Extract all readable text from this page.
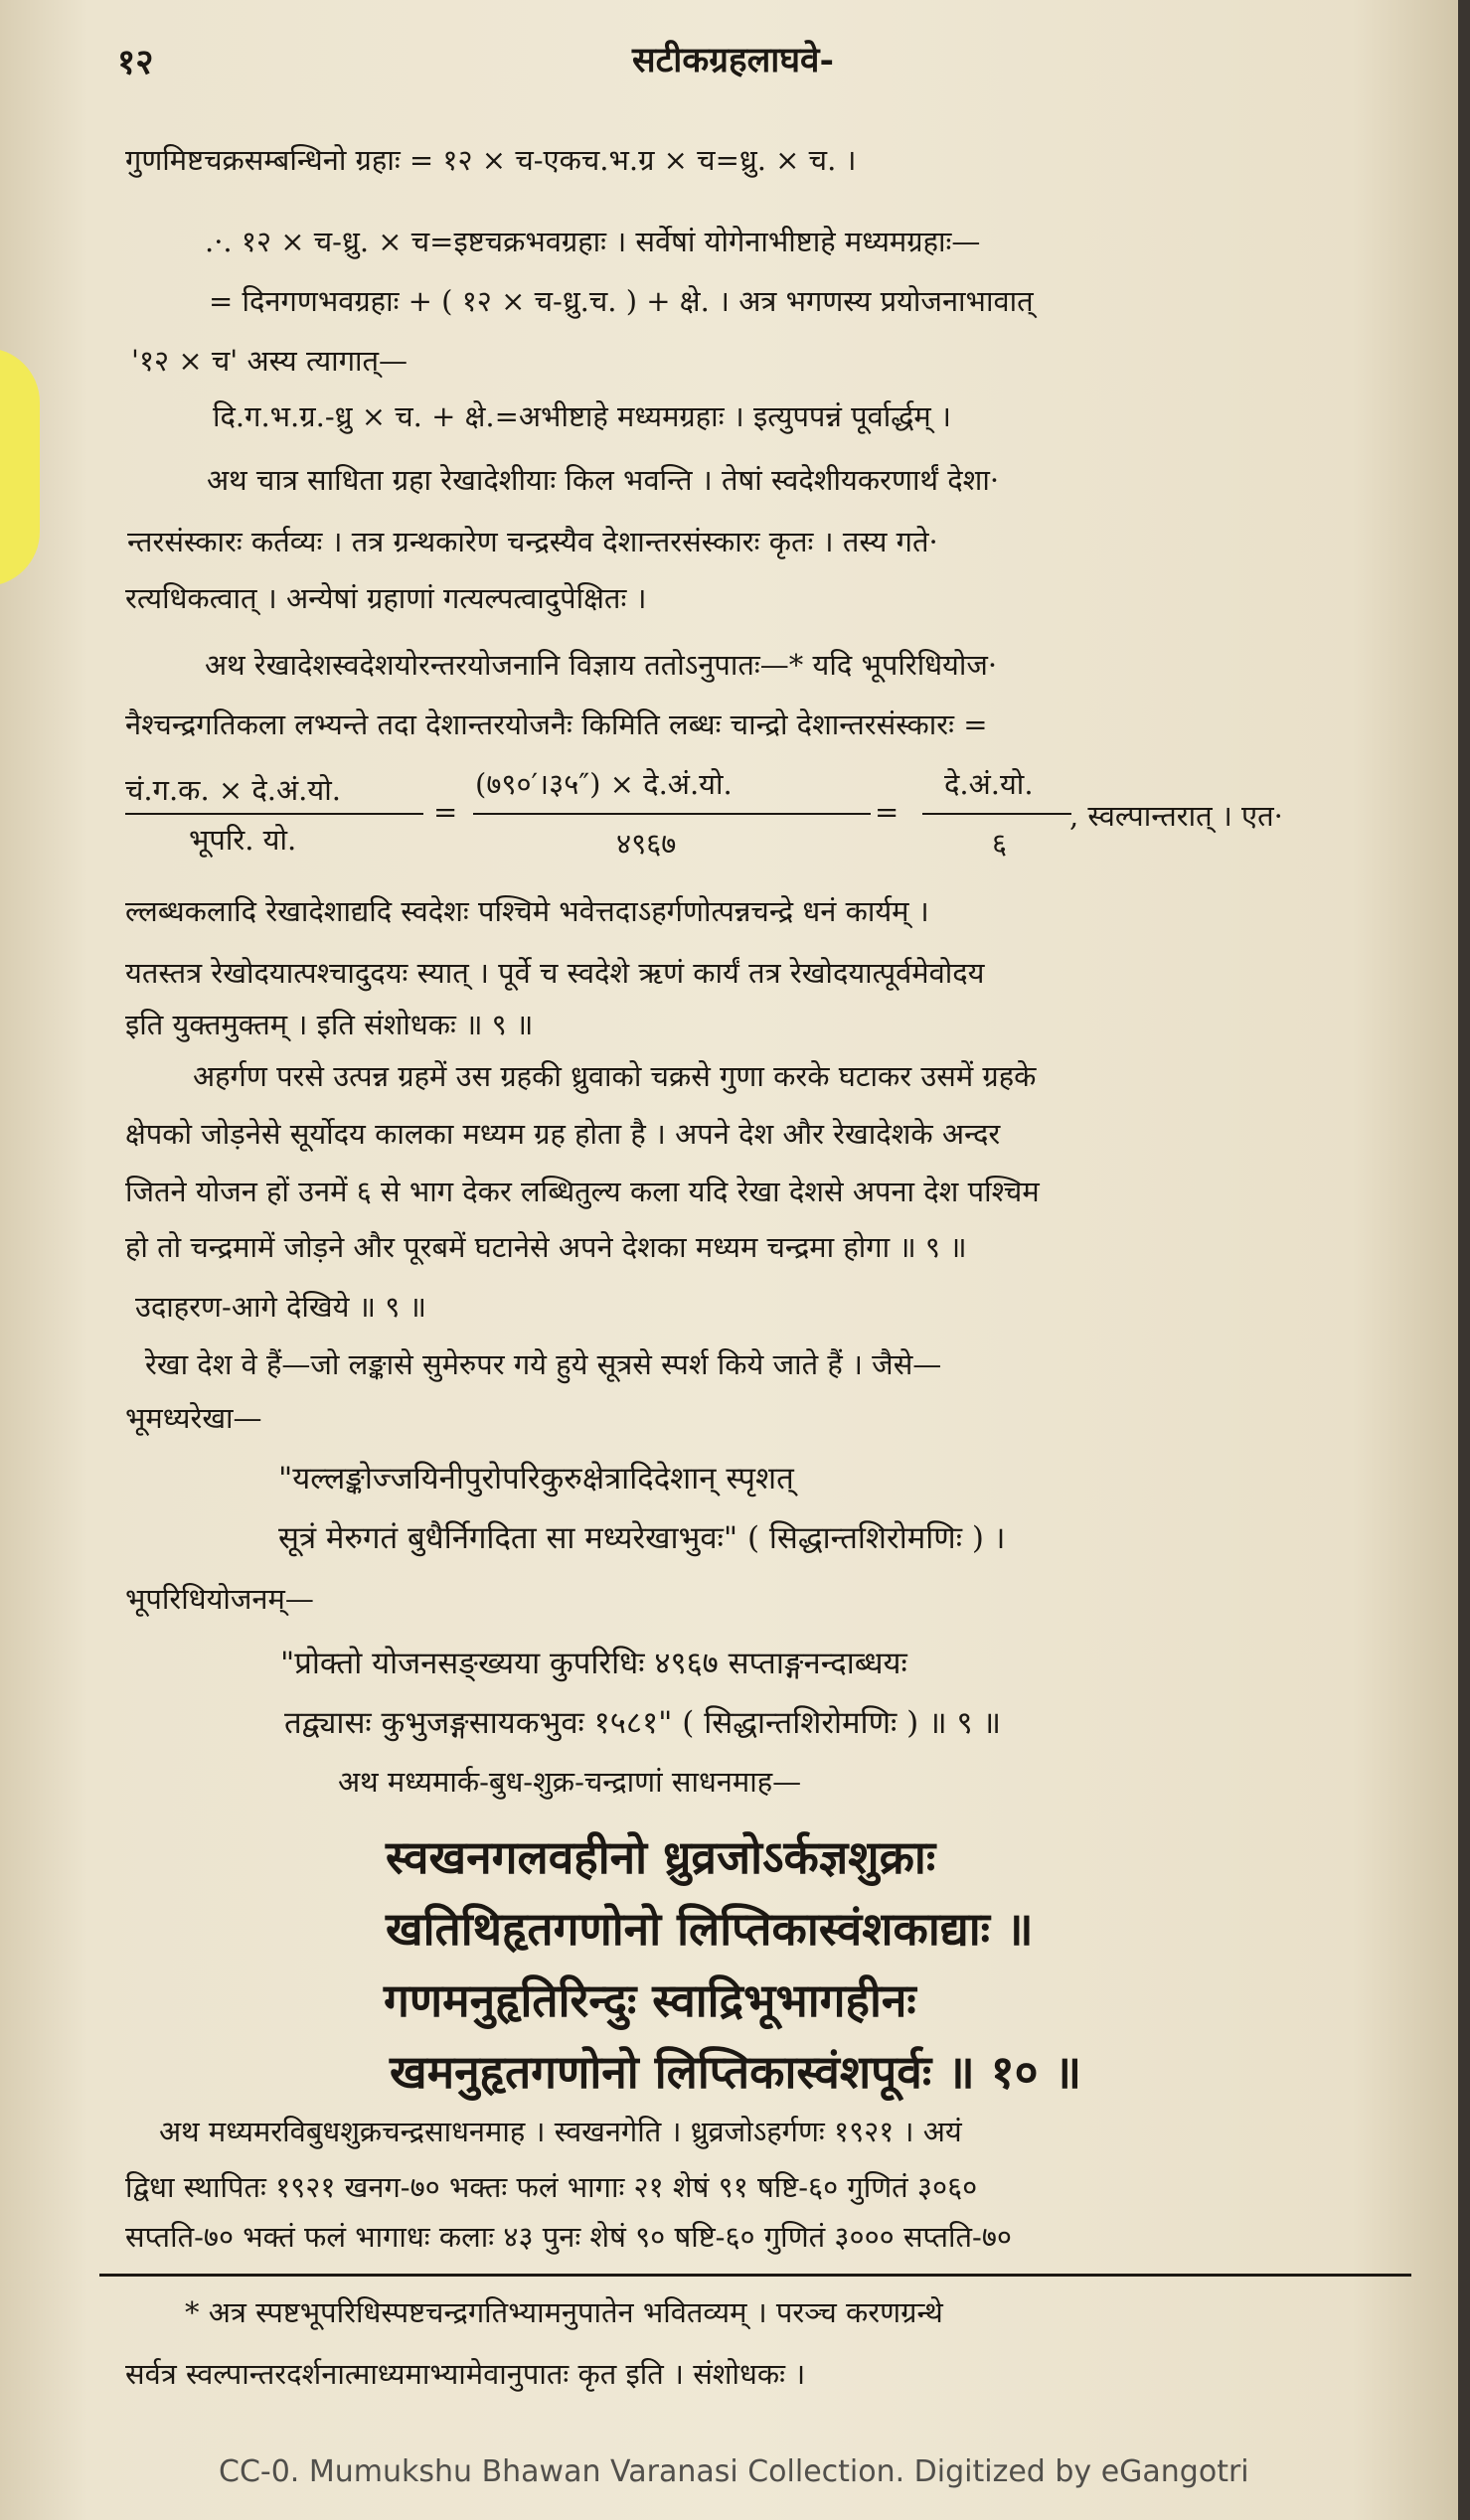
१२	सटीकग्रहलाघवे-
गुणमिष्टचक्रसम्बन्धिनो ग्रहाः = १२ × च-एकच.भ.ग्र × च=ध्रु. × च. ।
.·. १२ × च-ध्रु. × च=इष्टचक्रभवग्रहाः । सर्वेषां योगेनाभीष्टाहे मध्यमग्रहाः—
= दिनगणभवग्रहाः + ( १२ × च-ध्रु.च. ) + क्षे. । अत्र भगणस्य प्रयोजनाभावात्
'१२ × च' अस्य त्यागात्—
दि.ग.भ.ग्र.-ध्रु × च. + क्षे.=अभीष्टाहे मध्यमग्रहाः । इत्युपपन्नं पूर्वार्द्धम् ।
अथ चात्र साधिता ग्रहा रेखादेशीयाः किल भवन्ति । तेषां स्वदेशीयकरणार्थं देशा·
न्तरसंस्कारः कर्तव्यः । तत्र ग्रन्थकारेण चन्द्रस्यैव देशान्तरसंस्कारः कृतः । तस्य गते·
रत्यधिकत्वात् । अन्येषां ग्रहाणां गत्यल्पत्वादुपेक्षितः ।
अथ रेखादेशस्वदेशयोरन्तरयोजनानि विज्ञाय ततोऽनुपातः—* यदि भूपरिधियोज·
नैश्चन्द्रगतिकला लभ्यन्ते तदा देशान्तरयोजनैः किमिति लब्धः चान्द्रो देशान्तरसंस्कारः =
चं.ग.क. × दे.अं.यो.
भूपरि. यो.
=
(७९०′।३५″) × दे.अं.यो.
४९६७
=
दे.अं.यो.
६
, स्वल्पान्तरात् । एत·
ल्लब्धकलादि रेखादेशाद्यदि स्वदेशः पश्चिमे भवेत्तदाऽहर्गणोत्पन्नचन्द्रे धनं कार्यम् ।
यतस्तत्र रेखोदयात्पश्चादुदयः स्यात् । पूर्वे च स्वदेशे ऋणं कार्यं तत्र रेखोदयात्पूर्वमेवोदय
इति युक्तमुक्तम् । इति संशोधकः ॥ ९ ॥
अहर्गण परसे उत्पन्न ग्रहमें उस ग्रहकी ध्रुवाको चक्रसे गुणा करके घटाकर उसमें ग्रहके
क्षेपको जोड़नेसे सूर्योदय कालका मध्यम ग्रह होता है । अपने देश और रेखादेशके अन्दर
जितने योजन हों उनमें ६ से भाग देकर लब्धितुल्य कला यदि रेखा देशसे अपना देश पश्चिम
हो तो चन्द्रमामें जोड़ने और पूरबमें घटानेसे अपने देशका मध्यम चन्द्रमा होगा ॥ ९ ॥
उदाहरण-आगे देखिये ॥ ९ ॥
रेखा देश वे हैं—जो लङ्कासे सुमेरुपर गये हुये सूत्रसे स्पर्श किये जाते हैं । जैसे—
भूमध्यरेखा—
"यल्लङ्कोज्जयिनीपुरोपरिकुरुक्षेत्रादिदेशान् स्पृशत्
सूत्रं मेरुगतं बुधैर्निगदिता सा मध्यरेखाभुवः" ( सिद्धान्तशिरोमणिः ) ।
भूपरिधियोजनम्—
"प्रोक्तो योजनसङ्ख्यया कुपरिधिः ४९६७ सप्ताङ्गनन्दाब्धयः
तद्व्यासः कुभुजङ्गसायकभुवः १५८१" ( सिद्धान्तशिरोमणिः ) ॥ ९ ॥
अथ मध्यमार्क-बुध-शुक्र-चन्द्राणां साधनमाह—
स्वखनगलवहीनो ध्रुव्रजोऽर्कज्ञशुक्राः
खतिथिहृतगणोनो लिप्तिकास्वंशकाद्याः ॥
गणमनुहृतिरिन्दुः स्वाद्रिभूभागहीनः
खमनुहृतगणोनो लिप्तिकास्वंशपूर्वः ॥ १० ॥
अथ मध्यमरविबुधशुक्रचन्द्रसाधनमाह । स्वखनगेति । ध्रुव्रजोऽहर्गणः १९२१ । अयं
द्विधा स्थापितः १९२१ खनग-७० भक्तः फलं भागाः २१ शेषं ९१ षष्टि-६० गुणितं ३०६०
सप्तति-७० भक्तं फलं भागाधः कलाः ४३ पुनः शेषं ९० षष्टि-६० गुणितं ३००० सप्तति-७०
* अत्र स्पष्टभूपरिधिस्पष्टचन्द्रगतिभ्यामनुपातेन भवितव्यम् । परञ्च करणग्रन्थे
सर्वत्र स्वल्पान्तरदर्शनात्माध्यमाभ्यामेवानुपातः कृत इति । संशोधकः ।
CC-0. Mumukshu Bhawan Varanasi Collection. Digitized by eGangotri
